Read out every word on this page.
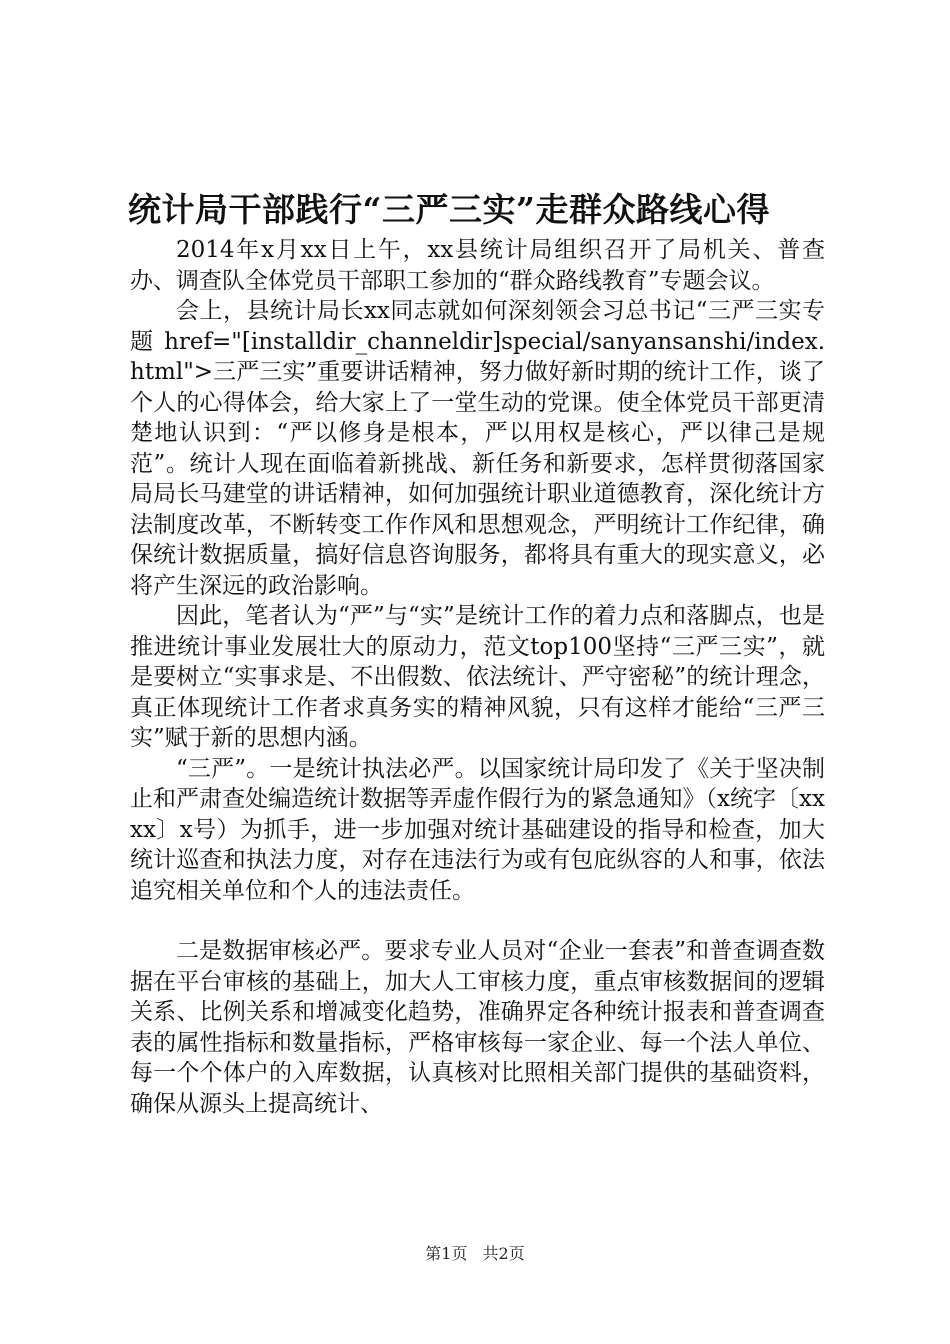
统计局干部践行“三严三实”走群众路线心得

2014年x月xx日上午，xx县统计局组织召开了局机关、普查办、调查队全体党员干部职工参加的“群众路线教育”专题会议。

会上，县统计局长xx同志就如何深刻领会习总书记“三严三实专题 href="[installdir_channeldir]special/sanyansanshi/index.html">三严三实”重要讲话精神，努力做好新时期的统计工作，谈了个人的心得体会，给大家上了一堂生动的党课。使全体党员干部更清楚地认识到：“严以修身是根本，严以用权是核心，严以律己是规范”。统计人现在面临着新挑战、新任务和新要求，怎样贯彻落国家局局长马建堂的讲话精神，如何加强统计职业道德教育，深化统计方法制度改革，不断转变工作作风和思想观念，严明统计工作纪律，确保统计数据质量，搞好信息咨询服务，都将具有重大的现实意义，必将产生深远的政治影响。

因此，笔者认为“严”与“实”是统计工作的着力点和落脚点，也是推进统计事业发展壮大的原动力，范文top100坚持“三严三实”，就是要树立“实事求是、不出假数、依法统计、严守密秘”的统计理念，真正体现统计工作者求真务实的精神风貌，只有这样才能给“三严三实”赋于新的思想内涵。

“三严”。一是统计执法必严。以国家统计局印发了《关于坚决制止和严肃查处编造统计数据等弄虚作假行为的紧急通知》（x统字〔xxxx〕x号）为抓手，进一步加强对统计基础建设的指导和检查，加大统计巡查和执法力度，对存在违法行为或有包庇纵容的人和事，依法追究相关单位和个人的违法责任。

二是数据审核必严。要求专业人员对“企业一套表”和普查调查数据在平台审核的基础上，加大人工审核力度，重点审核数据间的逻辑关系、比例关系和增减变化趋势，准确界定各种统计报表和普查调查表的属性指标和数量指标，严格审核每一家企业、每一个法人单位、每一个个体户的入库数据，认真核对比照相关部门提供的基础资料，确保从源头上提高统计、

第1页 共2页
